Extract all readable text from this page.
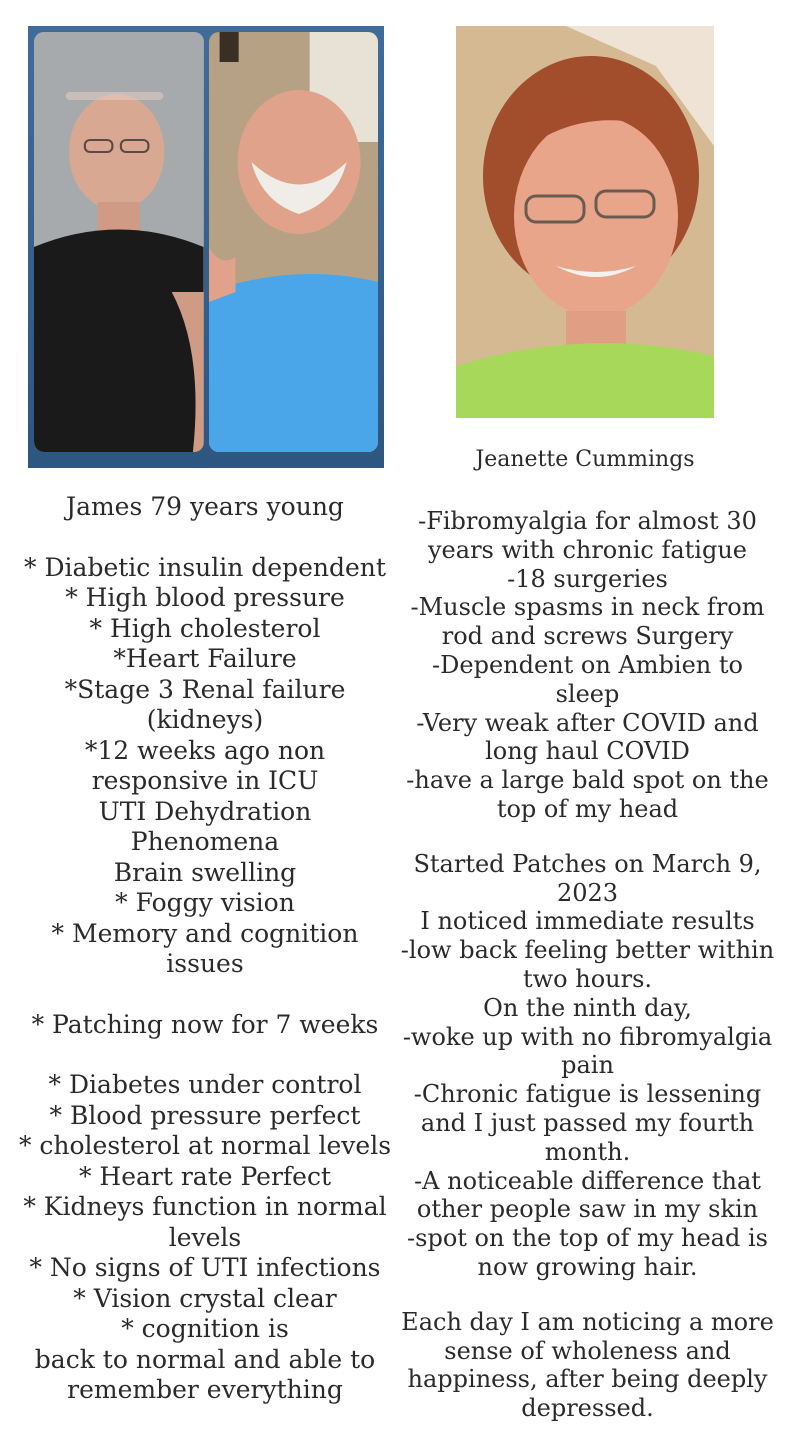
Jeanette Cummings
James 79 years young
* Diabetic insulin dependent
* High blood pressure
* High cholesterol
*Heart Failure
*Stage 3 Renal failure
(kidneys)
*12 weeks ago non
responsive in ICU
UTI Dehydration
Phenomena
Brain swelling
* Foggy vision
* Memory and cognition
issues
* Patching now for 7 weeks
* Diabetes under control
* Blood pressure perfect
* cholesterol at normal levels
* Heart rate Perfect
* Kidneys function in normal
levels
* No signs of UTI infections
* Vision crystal clear
* cognition is
back to normal and able to
remember everything
-Fibromyalgia for almost 30
years with chronic fatigue
-18 surgeries
-Muscle spasms in neck from
rod and screws Surgery
-Dependent on Ambien to
sleep
-Very weak after COVID and
long haul COVID
-have a large bald spot on the
top of my head
Started Patches on March 9,
2023
I noticed immediate results
-low back feeling better within
two hours.
On the ninth day,
-woke up with no fibromyalgia
pain
-Chronic fatigue is lessening
and I just passed my fourth
month.
-A noticeable difference that
other people saw in my skin
-spot on the top of my head is
now growing hair.
Each day I am noticing a more
sense of wholeness and
happiness, after being deeply
depressed.
